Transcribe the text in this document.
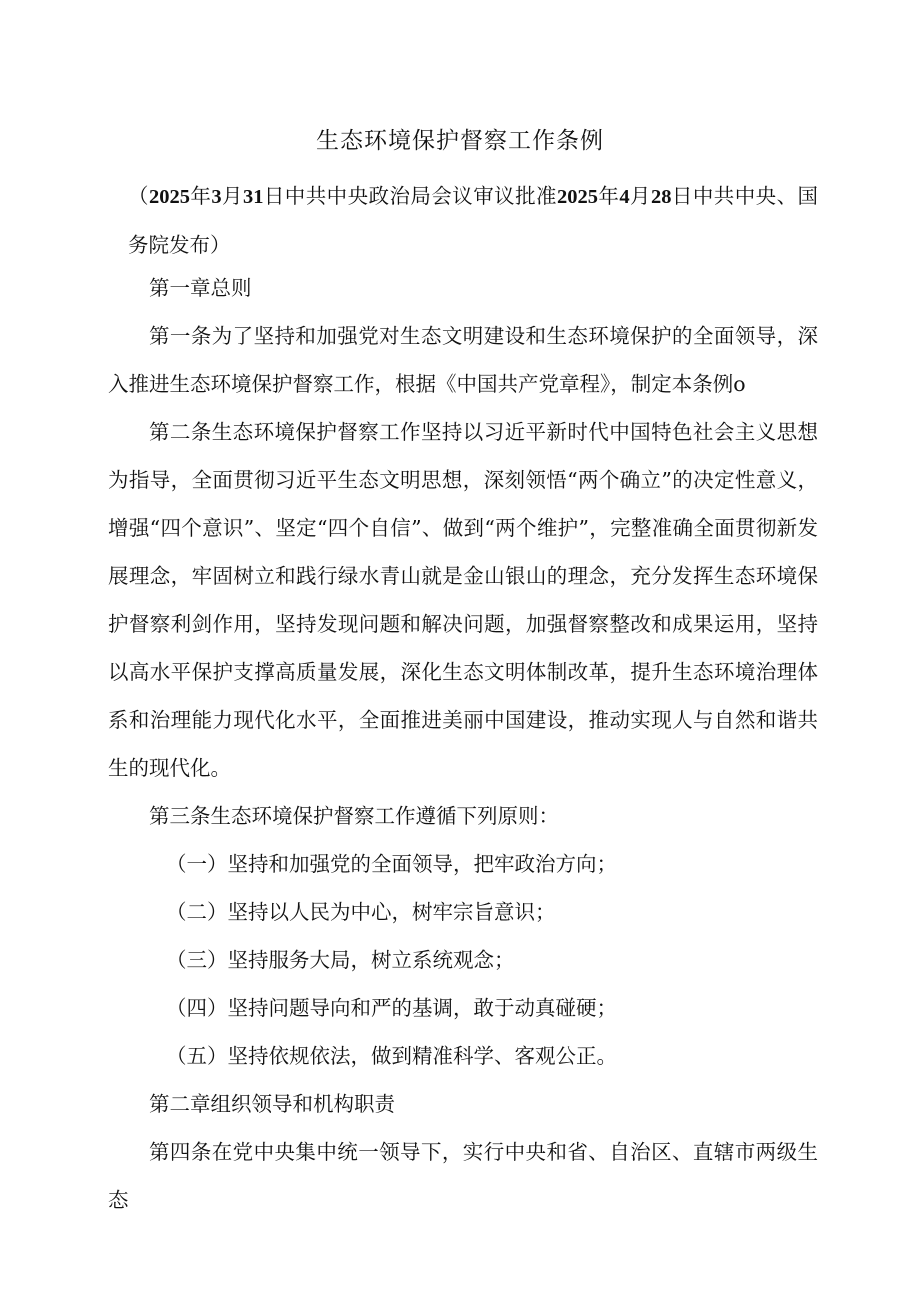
生态环境保护督察工作条例

（2025年3月31日中共中央政治局会议审议批准2025年4月28日中共中央、国务院发布）

第一章总则

第一条为了坚持和加强党对生态文明建设和生态环境保护的全面领导，深入推进生态环境保护督察工作，根据《中国共产党章程》，制定本条例o

第二条生态环境保护督察工作坚持以习近平新时代中国特色社会主义思想为指导，全面贯彻习近平生态文明思想，深刻领悟“两个确立”的决定性意义，增强“四个意识”、坚定“四个自信”、做到“两个维护”，完整准确全面贯彻新发展理念，牢固树立和践行绿水青山就是金山银山的理念，充分发挥生态环境保护督察利剑作用，坚持发现问题和解决问题，加强督察整改和成果运用，坚持以高水平保护支撑高质量发展，深化生态文明体制改革，提升生态环境治理体系和治理能力现代化水平，全面推进美丽中国建设，推动实现人与自然和谐共生的现代化。

第三条生态环境保护督察工作遵循下列原则：

（一）坚持和加强党的全面领导，把牢政治方向；

（二）坚持以人民为中心，树牢宗旨意识；

（三）坚持服务大局，树立系统观念；

（四）坚持问题导向和严的基调，敢于动真碰硬；

（五）坚持依规依法，做到精准科学、客观公正。

第二章组织领导和机构职责

第四条在党中央集中统一领导下，实行中央和省、自治区、直辖市两级生态
